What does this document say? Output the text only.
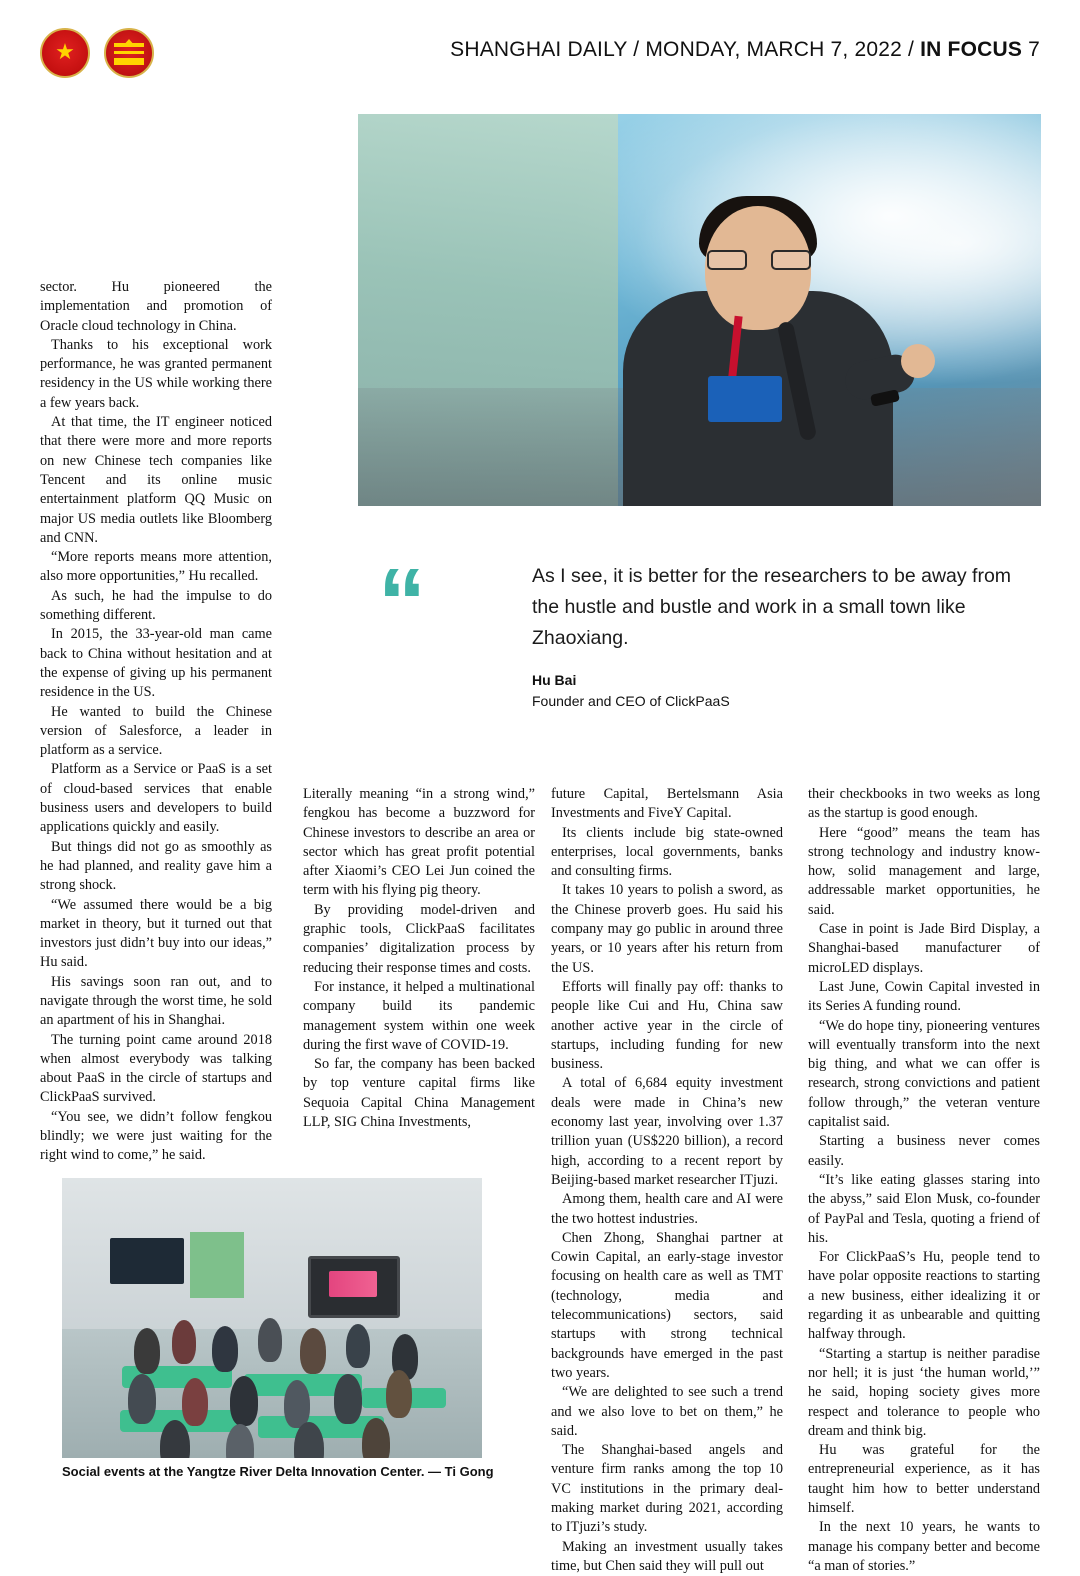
★
SHANGHAI DAILY / MONDAY, MARCH 7, 2022 / IN FOCUS 7
“	As I see, it is better for the researchers to be away from the hustle and bustle and work in a small town like Zhaoxiang.
Hu Bai
Founder and CEO of ClickPaaS

sector. Hu pioneered the implementation and promotion of Oracle cloud technology in China.

Thanks to his exceptional work performance, he was granted permanent residency in the US while working there a few years back.

At that time, the IT engineer noticed that there were more and more reports on new Chinese tech companies like Tencent and its online music entertainment platform QQ Music on major US media outlets like Bloomberg and CNN.

“More reports means more attention, also more opportunities,” Hu recalled.

As such, he had the impulse to do something different.

In 2015, the 33-year-old man came back to China without hesitation and at the expense of giving up his permanent residence in the US.

He wanted to build the Chinese version of Salesforce, a leader in platform as a service.

Platform as a Service or PaaS is a set of cloud-based services that enable business users and developers to build applications quickly and easily.

But things did not go as smoothly as he had planned, and reality gave him a strong shock.

“We assumed there would be a big market in theory, but it turned out that investors just didn’t buy into our ideas,” Hu said.

His savings soon ran out, and to navigate through the worst time, he sold an apartment of his in Shanghai.

The turning point came around 2018 when almost everybody was talking about PaaS in the circle of startups and ClickPaaS survived.

“You see, we didn’t follow fengkou blindly; we were just waiting for the right wind to come,” he said.

Literally meaning “in a strong wind,” fengkou has become a buzzword for Chinese investors to describe an area or sector which has great profit potential after Xiaomi’s CEO Lei Jun coined the term with his flying pig theory.

By providing model-driven and graphic tools, ClickPaaS facilitates companies’ digitalization process by reducing their response times and costs.

For instance, it helped a multinational company build its pandemic management system within one week during the first wave of COVID-19.

So far, the company has been backed by top venture capital firms like Sequoia Capital China Management LLP, SIG China Investments,

future Capital, Bertelsmann Asia Investments and FiveY Capital.

Its clients include big state-owned enterprises, local governments, banks and consulting firms.

It takes 10 years to polish a sword, as the Chinese proverb goes. Hu said his company may go public in around three years, or 10 years after his return from the US.

Efforts will finally pay off: thanks to people like Cui and Hu, China saw another active year in the circle of startups, including funding for new business.

A total of 6,684 equity investment deals were made in China’s new economy last year, involving over 1.37 trillion yuan (US$220 billion), a record high, according to a recent report by Beijing-based market researcher ITjuzi.

Among them, health care and AI were the two hottest industries.

Chen Zhong, Shanghai partner at Cowin Capital, an early-stage investor focusing on health care as well as TMT (technology, media and telecommunications) sectors, said startups with strong technical backgrounds have emerged in the past two years.

“We are delighted to see such a trend and we also love to bet on them,” he said.

The Shanghai-based angels and venture firm ranks among the top 10 VC institutions in the primary deal-making market during 2021, according to ITjuzi’s study.

Making an investment usually takes time, but Chen said they will pull out

their checkbooks in two weeks as long as the startup is good enough.

Here “good” means the team has strong technology and industry know-how, solid management and large, addressable market opportunities, he said.

Case in point is Jade Bird Display, a Shanghai-based manufacturer of microLED displays.

Last June, Cowin Capital invested in its Series A funding round.

“We do hope tiny, pioneering ventures will eventually transform into the next big thing, and what we can offer is research, strong convictions and patient follow through,” the veteran venture capitalist said.

Starting a business never comes easily.

“It’s like eating glasses staring into the abyss,” said Elon Musk, co-founder of PayPal and Tesla, quoting a friend of his.

For ClickPaaS’s Hu, people tend to have polar opposite reactions to starting a new business, either idealizing it or regarding it as unbearable and quitting halfway through.

“Starting a startup is neither paradise nor hell; it is just ‘the human world,’” he said, hoping society gives more respect and tolerance to people who dream and think big.

Hu was grateful for the entrepreneurial experience, as it has taught him how to better understand himself.

In the next 10 years, he wants to manage his company better and become “a man of stories.”

Social events at the Yangtze River Delta Innovation Center. — Ti Gong
